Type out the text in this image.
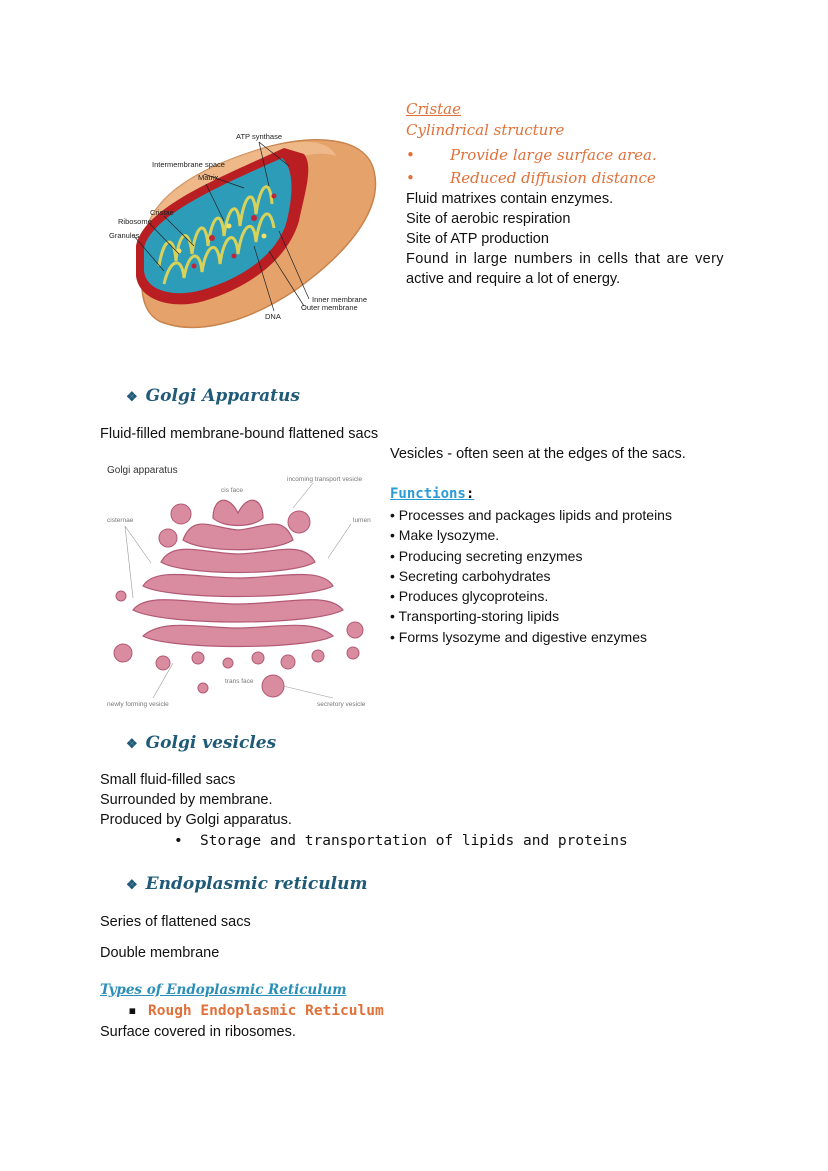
ATP synthase
Intermembrane space
Matrix
Cristae
Ribosome
Granules
DNA
Inner membrane
Outer membrane
Cristae
Cylindrical structure
• Provide large surface area.
• Reduced diffusion distance
Fluid matrixes contain enzymes.
Site of aerobic respiration
Site of ATP production
Found in large numbers in cells that are very
active and require a lot of energy.
❖ Golgi Apparatus
Fluid-filled membrane-bound flattened sacs
Vesicles - often seen at the edges of the sacs.
Golgi apparatus
cis face
incoming transport vesicle
cisternae	lumen
trans face
newly forming vesicle	secretory vesicle
Functions:
• Processes and packages lipids and proteins
• Make lysozyme.
• Producing secreting enzymes
• Secreting carbohydrates
• Produces glycoproteins.
• Transporting-storing lipids
• Forms lysozyme and digestive enzymes
❖ Golgi vesicles
Small fluid-filled sacs
Surrounded by membrane.
Produced by Golgi apparatus.
• Storage and transportation of lipids and proteins
❖ Endoplasmic reticulum
Series of flattened sacs
Double membrane
Types of Endoplasmic Reticulum
▪ Rough Endoplasmic Reticulum
Surface covered in ribosomes.
